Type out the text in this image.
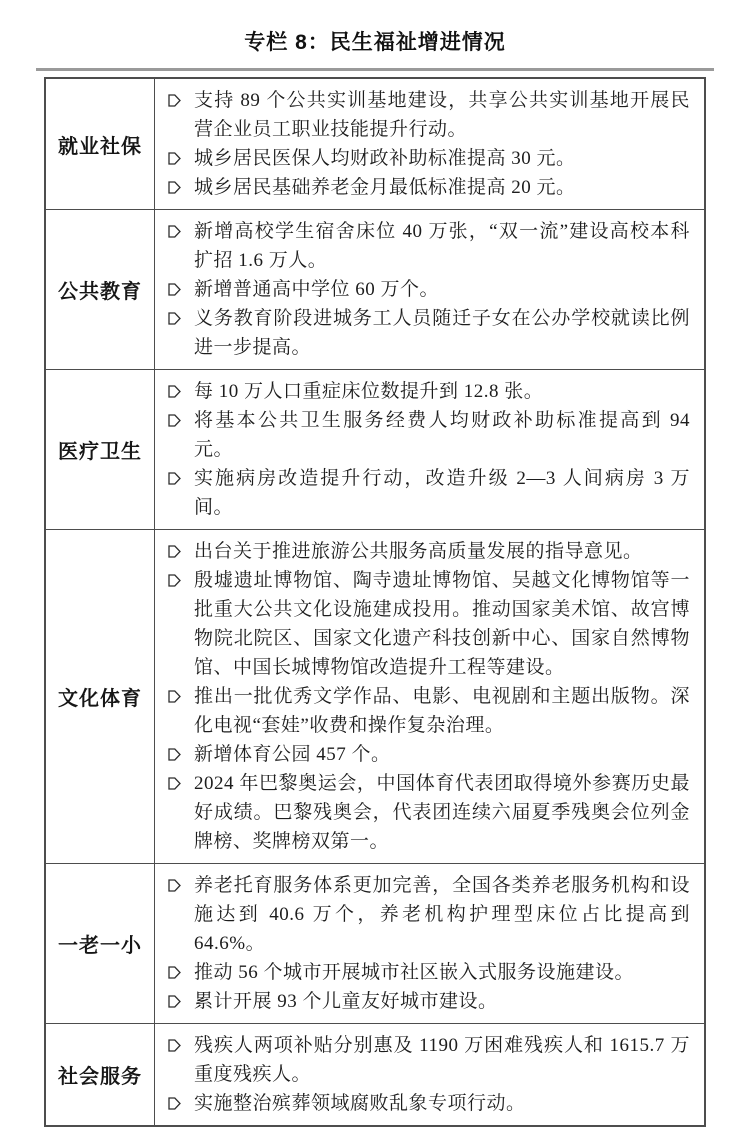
专栏 8：民生福祉增进情况
就业社保	支持 89 个公共实训基地建设，共享公共实训基地开展民营企业员工职业技能提升行动。
城乡居民医保人均财政补助标准提高 30 元。
城乡居民基础养老金月最低标准提高 20 元。

公共教育	新增高校学生宿舍床位 40 万张，“双一流”建设高校本科扩招 1.6 万人。
新增普通高中学位 60 万个。
义务教育阶段进城务工人员随迁子女在公办学校就读比例进一步提高。

医疗卫生	每 10 万人口重症床位数提升到 12.8 张。
将基本公共卫生服务经费人均财政补助标准提高到 94 元。
实施病房改造提升行动，改造升级 2—3 人间病房 3 万间。

文化体育	出台关于推进旅游公共服务高质量发展的指导意见。
殷墟遗址博物馆、陶寺遗址博物馆、吴越文化博物馆等一批重大公共文化设施建成投用。推动国家美术馆、故宫博物院北院区、国家文化遗产科技创新中心、国家自然博物馆、中国长城博物馆改造提升工程等建设。
推出一批优秀文学作品、电影、电视剧和主题出版物。深化电视“套娃”收费和操作复杂治理。
新增体育公园 457 个。
2024 年巴黎奥运会，中国体育代表团取得境外参赛历史最好成绩。巴黎残奥会，代表团连续六届夏季残奥会位列金牌榜、奖牌榜双第一。

一老一小	养老托育服务体系更加完善，全国各类养老服务机构和设施达到 40.6 万个，养老机构护理型床位占比提高到 64.6%。
推动 56 个城市开展城市社区嵌入式服务设施建设。
累计开展 93 个儿童友好城市建设。

社会服务	残疾人两项补贴分别惠及 1190 万困难残疾人和 1615.7 万重度残疾人。
实施整治殡葬领域腐败乱象专项行动。
